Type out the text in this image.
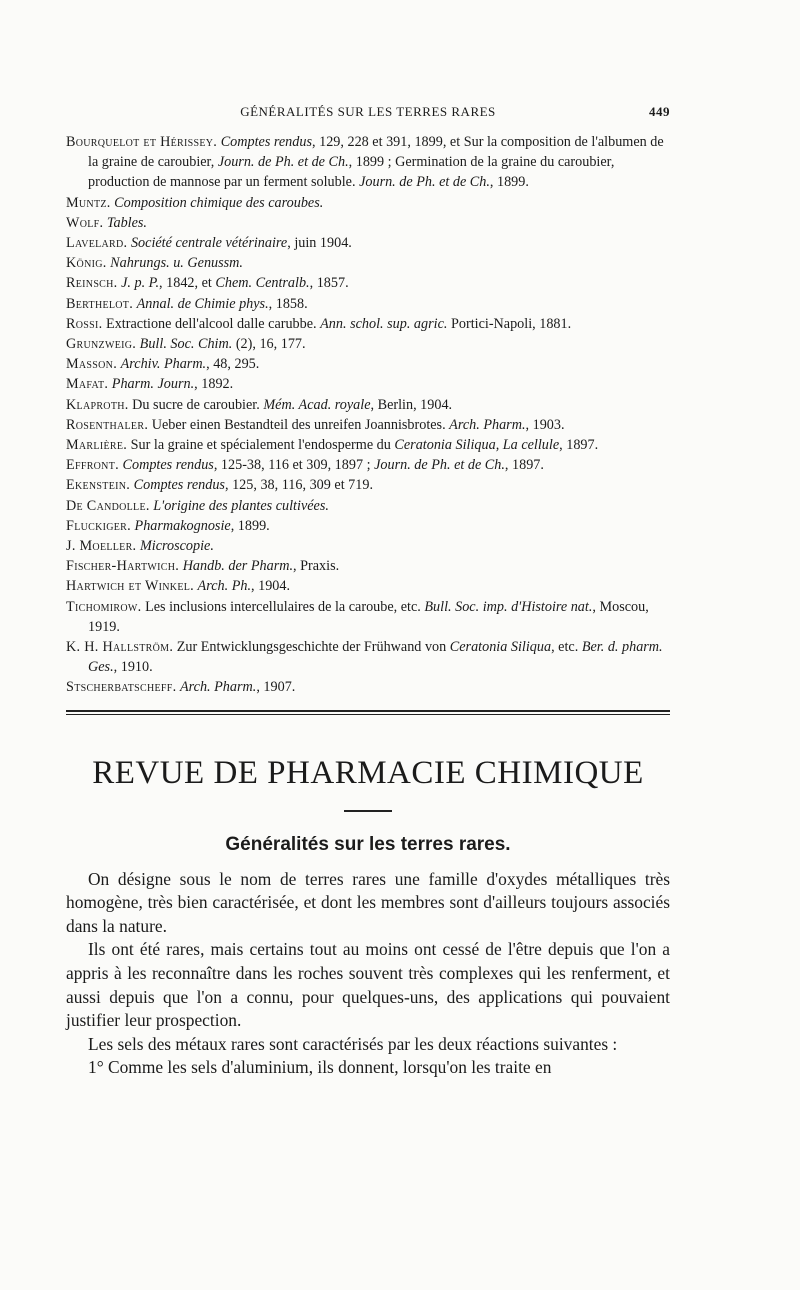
GÉNÉRALITÉS SUR LES TERRES RARES	449

Bourquelot et Hérissey. Comptes rendus, 129, 228 et 391, 1899, et Sur la composition de l'albumen de la graine de caroubier, Journ. de Ph. et de Ch., 1899 ; Germination de la graine du caroubier, production de mannose par un ferment soluble. Journ. de Ph. et de Ch., 1899.

Muntz. Composition chimique des caroubes.

Wolf. Tables.

Lavelard. Société centrale vétérinaire, juin 1904.

König. Nahrungs. u. Genussm.

Reinsch. J. p. P., 1842, et Chem. Centralb., 1857.

Berthelot. Annal. de Chimie phys., 1858.

Rossi. Extractione dell'alcool dalle carubbe. Ann. schol. sup. agric. Portici-Napoli, 1881.

Grunzweig. Bull. Soc. Chim. (2), 16, 177.

Masson. Archiv. Pharm., 48, 295.

Mafat. Pharm. Journ., 1892.

Klaproth. Du sucre de caroubier. Mém. Acad. royale, Berlin, 1904.

Rosenthaler. Ueber einen Bestandteil des unreifen Joannisbrotes. Arch. Pharm., 1903.

Marlière. Sur la graine et spécialement l'endosperme du Ceratonia Siliqua, La cellule, 1897.

Effront. Comptes rendus, 125-38, 116 et 309, 1897 ; Journ. de Ph. et de Ch., 1897.

Ekenstein. Comptes rendus, 125, 38, 116, 309 et 719.

De Candolle. L'origine des plantes cultivées.

Fluckiger. Pharmakognosie, 1899.

J. Moeller. Microscopie.

Fischer-Hartwich. Handb. der Pharm., Praxis.

Hartwich et Winkel. Arch. Ph., 1904.

Tichomirow. Les inclusions intercellulaires de la caroube, etc. Bull. Soc. imp. d'Histoire nat., Moscou, 1919.

K. H. Hallström. Zur Entwicklungsgeschichte der Frühwand von Ceratonia Siliqua, etc. Ber. d. pharm. Ges., 1910.

Stscherbatscheff. Arch. Pharm., 1907.

REVUE DE PHARMACIE CHIMIQUE
Généralités sur les terres rares.

On désigne sous le nom de terres rares une famille d'oxydes métalliques très homogène, très bien caractérisée, et dont les membres sont d'ailleurs toujours associés dans la nature.

Ils ont été rares, mais certains tout au moins ont cessé de l'être depuis que l'on a appris à les reconnaître dans les roches souvent très complexes qui les renferment, et aussi depuis que l'on a connu, pour quelques-uns, des applications qui pouvaient justifier leur prospection.

Les sels des métaux rares sont caractérisés par les deux réactions suivantes :

1° Comme les sels d'aluminium, ils donnent, lorsqu'on les traite en
